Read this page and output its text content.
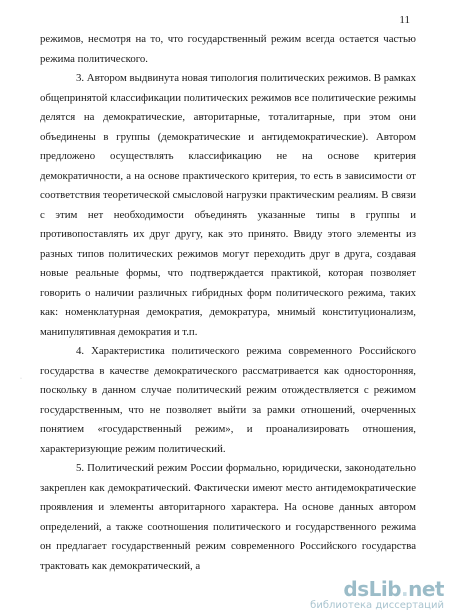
11

режимов, несмотря на то, что государственный режим всегда остается частью режима политического.

3. Автором выдвинута новая типология политических режимов. В рамках общепринятой классификации политических режимов все политические режимы делятся на демократические, авторитарные, тоталитарные, при этом они объединены в группы (демократические и антидемократические). Автором предложено осуществлять классификацию не на основе критерия демократичности, а на основе практического критерия, то есть в зависимости от соответствия теоретической смысловой нагрузки практическим реалиям. В связи с этим нет необходимости объединять указанные типы в группы и противопоставлять их друг другу, как это принято. Ввиду этого элементы из разных типов политических режимов могут переходить друг в друга, создавая новые реальные формы, что подтверждается практикой, которая позволяет говорить о наличии различных гибридных форм политического режима, таких как: номенклатурная демократия, демократура, мнимый конституционализм, манипулятивная демократия и т.п.

4. Характеристика политического режима современного Российского государства в качестве демократического рассматривается как односторонняя, поскольку в данном случае политический режим отождествляется с режимом государственным, что не позволяет выйти за рамки отношений, очерченных понятием «государственный режим», и проанализировать отношения, характеризующие режим политический.

5. Политический режим России формально, юридически, законодательно закреплен как демократический. Фактически имеют место антидемократические проявления и элементы авторитарного характера. На основе данных автором определений, а также соотношения политического и государственного режима он предлагает государственный режим современного Российского государства трактовать как демократический, а

·
dsLib.net
библиотека диссертаций
